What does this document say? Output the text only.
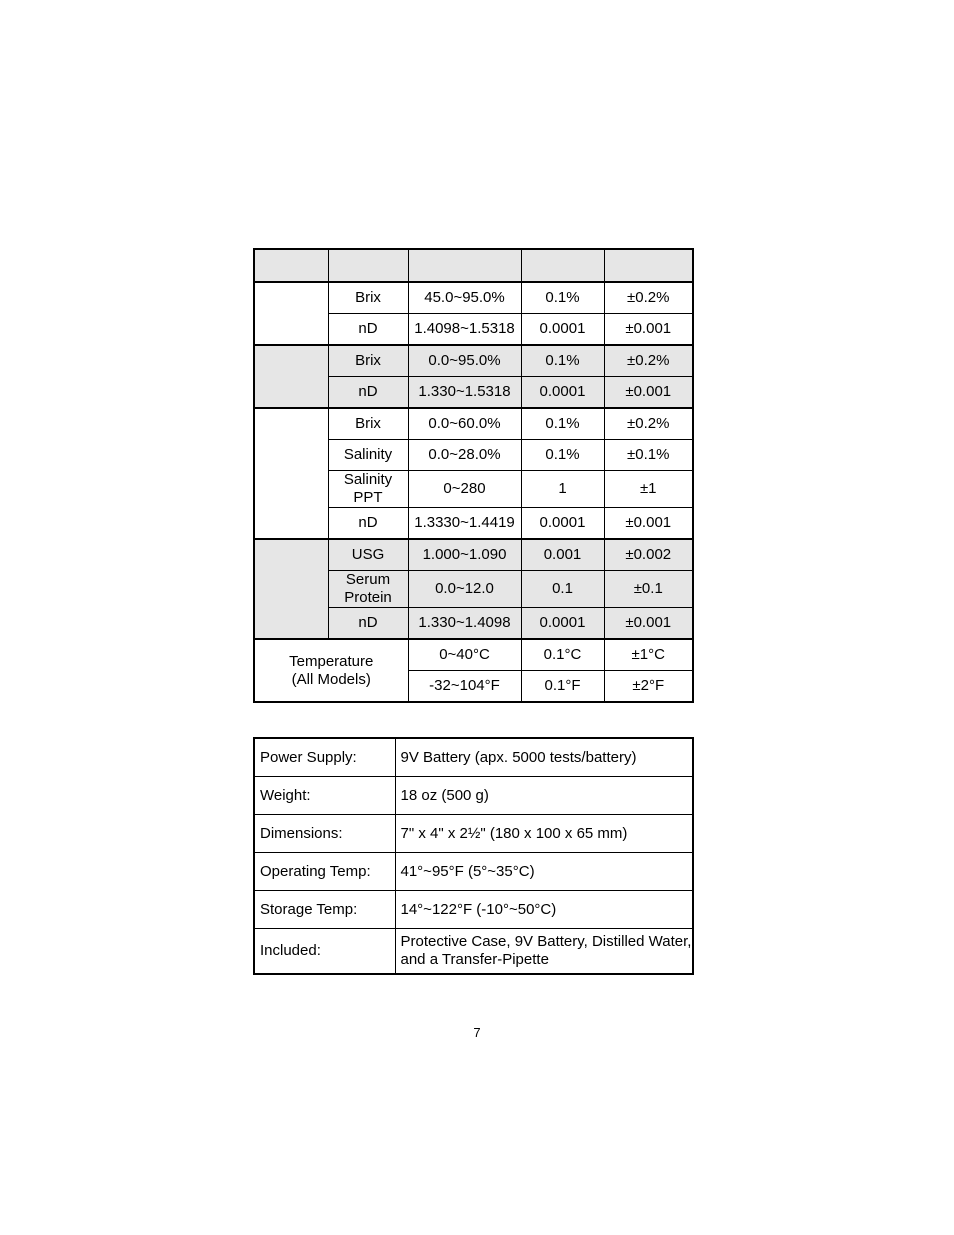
	Brix	45.0~95.0%	0.1%	±0.2%
	nD	1.4098~1.5318	0.0001	±0.001
	Brix	0.0~95.0%	0.1%	±0.2%
	nD	1.330~1.5318	0.0001	±0.001
	Brix	0.0~60.0%	0.1%	±0.2%
	Salinity	0.0~28.0%	0.1%	±0.1%
	Salinity PPT	0~280	1	±1
	nD	1.3330~1.4419	0.0001	±0.001
	USG	1.000~1.090	0.001	±0.002
	Serum Protein	0.0~12.0	0.1	±0.1
	nD	1.330~1.4098	0.0001	±0.001
Temperature
(All Models)		0~40°C	0.1°C	±1°C
		-32~104°F	0.1°F	±2°F
Power Supply:	9V Battery (apx. 5000 tests/battery)
Weight:	18 oz (500 g)
Dimensions:	7" x 4" x 2½" (180 x 100 x 65 mm)
Operating Temp:	41°~95°F (5°~35°C)
Storage Temp:	14°~122°F (-10°~50°C)
Included:	Protective Case, 9V Battery, Distilled Water, and a Transfer-Pipette
7
